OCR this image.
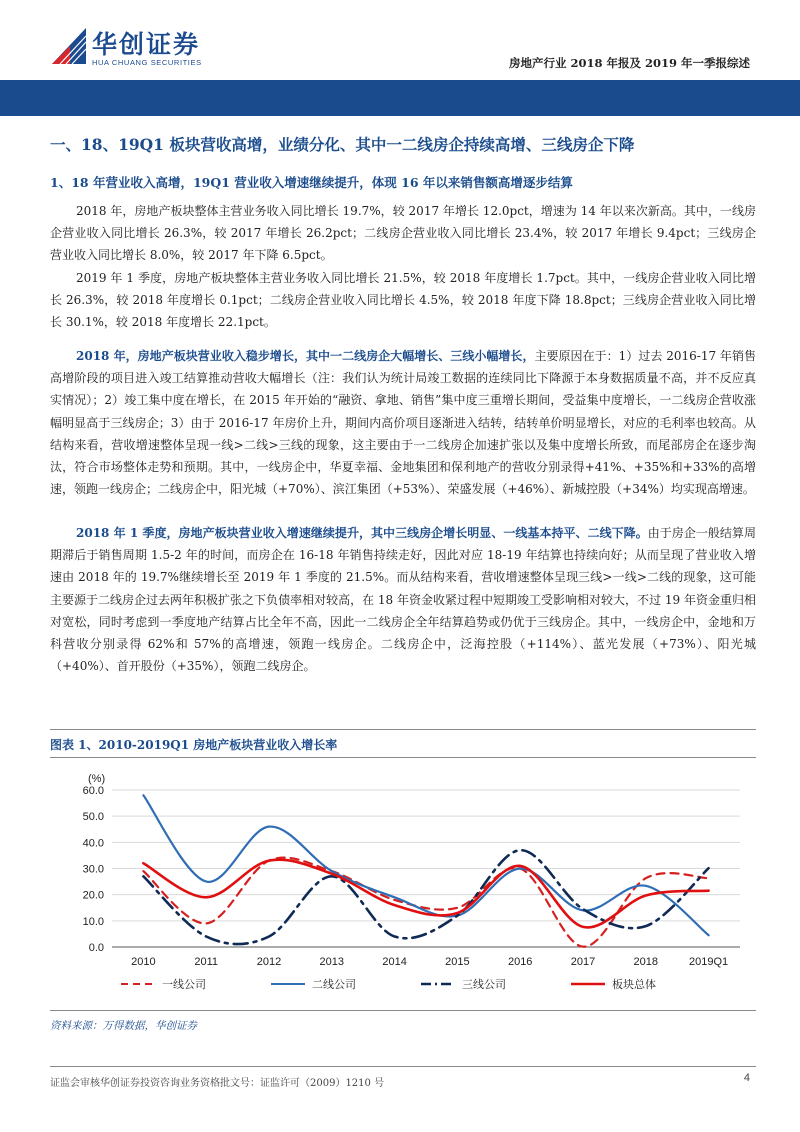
华创证券
HUA CHUANG SECURITIES	房地产行业 2018 年报及 2019 年一季报综述
一、18、19Q1 板块营收高增，业绩分化、其中一二线房企持续高增、三线房企下降
1、18 年营业收入高增，19Q1 营业收入增速继续提升，体现 16 年以来销售额高增逐步结算
2018 年，房地产板块整体主营业务收入同比增长 19.7%，较 2017 年增长 12.0pct，增速为 14 年以来次新高。其中，一线房企营业收入同比增长 26.3%，较 2017 年增长 26.2pct；二线房企营业收入同比增长 23.4%，较 2017 年增长 9.4pct；三线房企营业收入同比增长 8.0%，较 2017 年下降 6.5pct。
2019 年 1 季度，房地产板块整体主营业务收入同比增长 21.5%，较 2018 年度增长 1.7pct。其中，一线房企营业收入同比增长 26.3%，较 2018 年度增长 0.1pct；二线房企营业收入同比增长 4.5%，较 2018 年度下降 18.8pct；三线房企营业收入同比增长 30.1%，较 2018 年度增长 22.1pct。
2018 年，房地产板块营业收入稳步增长，其中一二线房企大幅增长、三线小幅增长，主要原因在于：1）过去 2016-17 年销售高增阶段的项目进入竣工结算推动营收大幅增长（注：我们认为统计局竣工数据的连续同比下降源于本身数据质量不高，并不反应真实情况）；2）竣工集中度在增长，在 2015 年开始的“融资、拿地、销售”集中度三重增长期间，受益集中度增长，一二线房企营收涨幅明显高于三线房企；3）由于 2016-17 年房价上升，期间内高价项目逐渐进入结转，结转单价明显增长，对应的毛利率也较高。从结构来看，营收增速整体呈现一线>二线>三线的现象，这主要由于一二线房企加速扩张以及集中度增长所致，而尾部房企在逐步淘汰，符合市场整体走势和预期。其中，一线房企中，华夏幸福、金地集团和保利地产的营收分别录得+41%、+35%和+33%的高增速，领跑一线房企；二线房企中，阳光城（+70%）、滨江集团（+53%）、荣盛发展（+46%）、新城控股（+34%）均实现高增速。
2018 年 1 季度，房地产板块营业收入增速继续提升，其中三线房企增长明显、一线基本持平、二线下降。由于房企一般结算周期滞后于销售周期 1.5-2 年的时间，而房企在 16-18 年销售持续走好，因此对应 18-19 年结算也持续向好；从而呈现了营业收入增速由 2018 年的 19.7%继续增长至 2019 年 1 季度的 21.5%。而从结构来看，营收增速整体呈现三线>一线>二线的现象，这可能主要源于二线房企过去两年积极扩张之下负债率相对较高，在 18 年资金收紧过程中短期竣工受影响相对较大，不过 19 年资金重归相对宽松，同时考虑到一季度地产结算占比全年不高，因此一二线房企全年结算趋势或仍优于三线房企。其中，一线房企中，金地和万科营收分别录得 62%和 57%的高增速，领跑一线房企。二线房企中，泛海控股（+114%）、蓝光发展（+73%）、阳光城（+40%）、首开股份（+35%），领跑二线房企。
图表 1、2010-2019Q1 房地产板块营业收入增长率
0.0
10.0
20.0
30.0
40.0
50.0
60.0
2010	2011	2012	2013	2014	2015	2016	2017	2018	2019Q1
(%)
一线公司	二线公司	三线公司	板块总体
资料来源：万得数据，华创证券
证监会审核华创证券投资咨询业务资格批文号：证监许可（2009）1210 号	4
